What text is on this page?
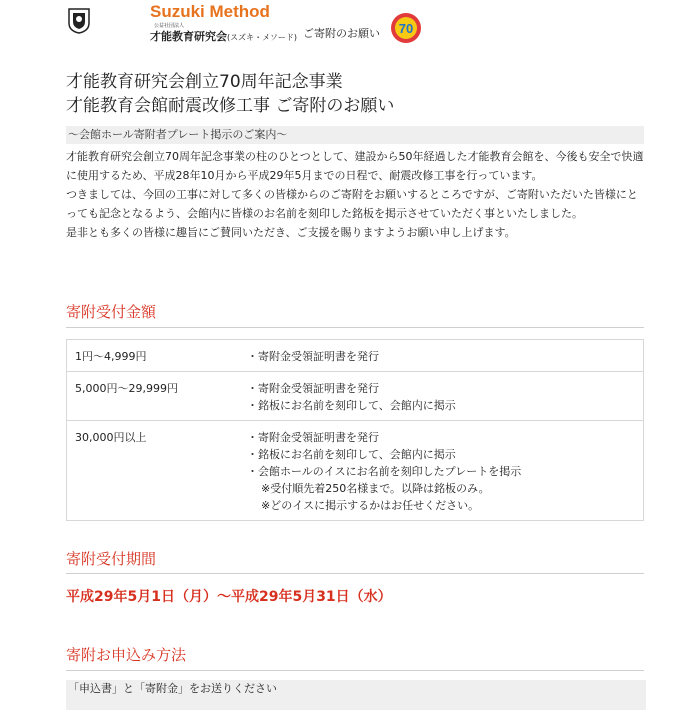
Suzuki Method
公益社団法人
才能教育研究会(スズキ・メソード) ご寄附のお願い 70
才能教育研究会創立70周年記念事業
才能教育会館耐震改修工事 ご寄附のお願い
～会館ホール寄附者プレート掲示のご案内～

才能教育研究会創立70周年記念事業の柱のひとつとして、建設から50年経過した才能教育会館を、今後も安全で快適に使用するため、平成28年10月から平成29年5月までの日程で、耐震改修工事を行っています。

つきましては、今回の工事に対して多くの皆様からのご寄附をお願いするところですが、ご寄附いただいた皆様にとっても記念となるよう、会館内に皆様のお名前を刻印した銘板を掲示させていただく事といたしました。

是非とも多くの皆様に趣旨にご賛同いただき、ご支援を賜りますようお願い申し上げます。

寄附受付金額
1円～4,999円	・寄附金受領証明書を発行

5,000円～29,999円	・寄附金受領証明書を発行
・銘板にお名前を刻印して、会館内に掲示

30,000円以上	・寄附金受領証明書を発行
・銘板にお名前を刻印して、会館内に掲示
・会館ホールのイスにお名前を刻印したプレートを掲示
※受付順先着250名様まで。以降は銘板のみ。
※どのイスに掲示するかはお任せください。
寄附受付期間
平成29年5月1日（月）～平成29年5月31日（水）
寄附お申込み方法
「申込書」と「寄附金」をお送りください
